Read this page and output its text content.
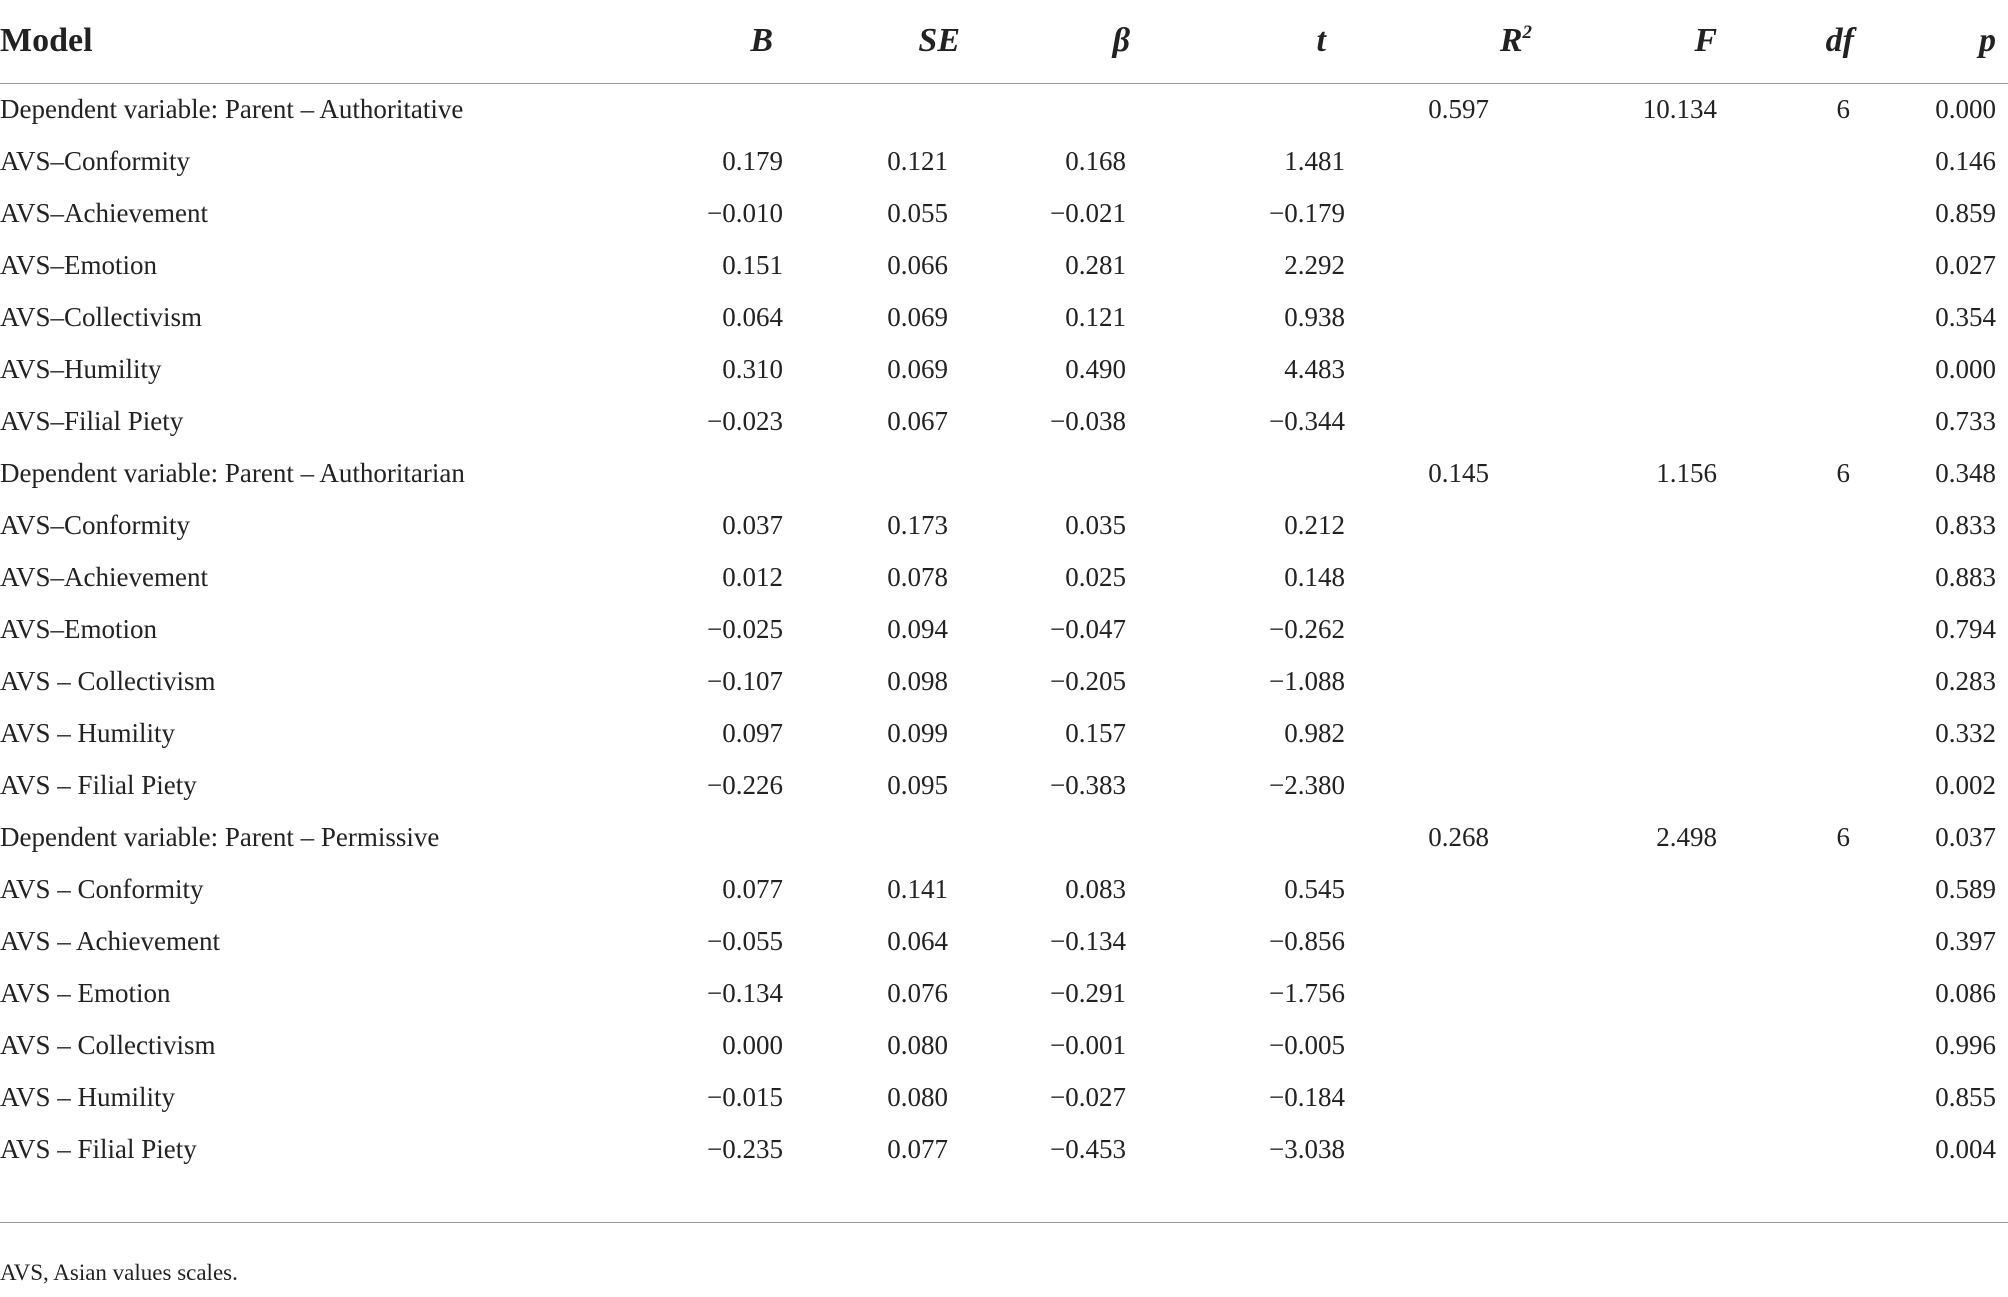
Model	B	SE	β	t	$R^2$	F	df	p
Dependent variable: Parent – Authoritative					0.597	10.134	6	0.000
AVS–Conformity	0.179	0.121	0.168	1.481				0.146
AVS–Achievement	−0.010	0.055	−0.021	−0.179				0.859
AVS–Emotion	0.151	0.066	0.281	2.292				0.027
AVS–Collectivism	0.064	0.069	0.121	0.938				0.354
AVS–Humility	0.310	0.069	0.490	4.483				0.000
AVS–Filial Piety	−0.023	0.067	−0.038	−0.344				0.733
Dependent variable: Parent – Authoritarian					0.145	1.156	6	0.348
AVS–Conformity	0.037	0.173	0.035	0.212				0.833
AVS–Achievement	0.012	0.078	0.025	0.148				0.883
AVS–Emotion	−0.025	0.094	−0.047	−0.262				0.794
AVS – Collectivism	−0.107	0.098	−0.205	−1.088				0.283
AVS – Humility	0.097	0.099	0.157	0.982				0.332
AVS – Filial Piety	−0.226	0.095	−0.383	−2.380				0.002
Dependent variable: Parent – Permissive					0.268	2.498	6	0.037
AVS – Conformity	0.077	0.141	0.083	0.545				0.589
AVS – Achievement	−0.055	0.064	−0.134	−0.856				0.397
AVS – Emotion	−0.134	0.076	−0.291	−1.756				0.086
AVS – Collectivism	0.000	0.080	−0.001	−0.005				0.996
AVS – Humility	−0.015	0.080	−0.027	−0.184				0.855
AVS – Filial Piety	−0.235	0.077	−0.453	−3.038				0.004

AVS, Asian values scales.
